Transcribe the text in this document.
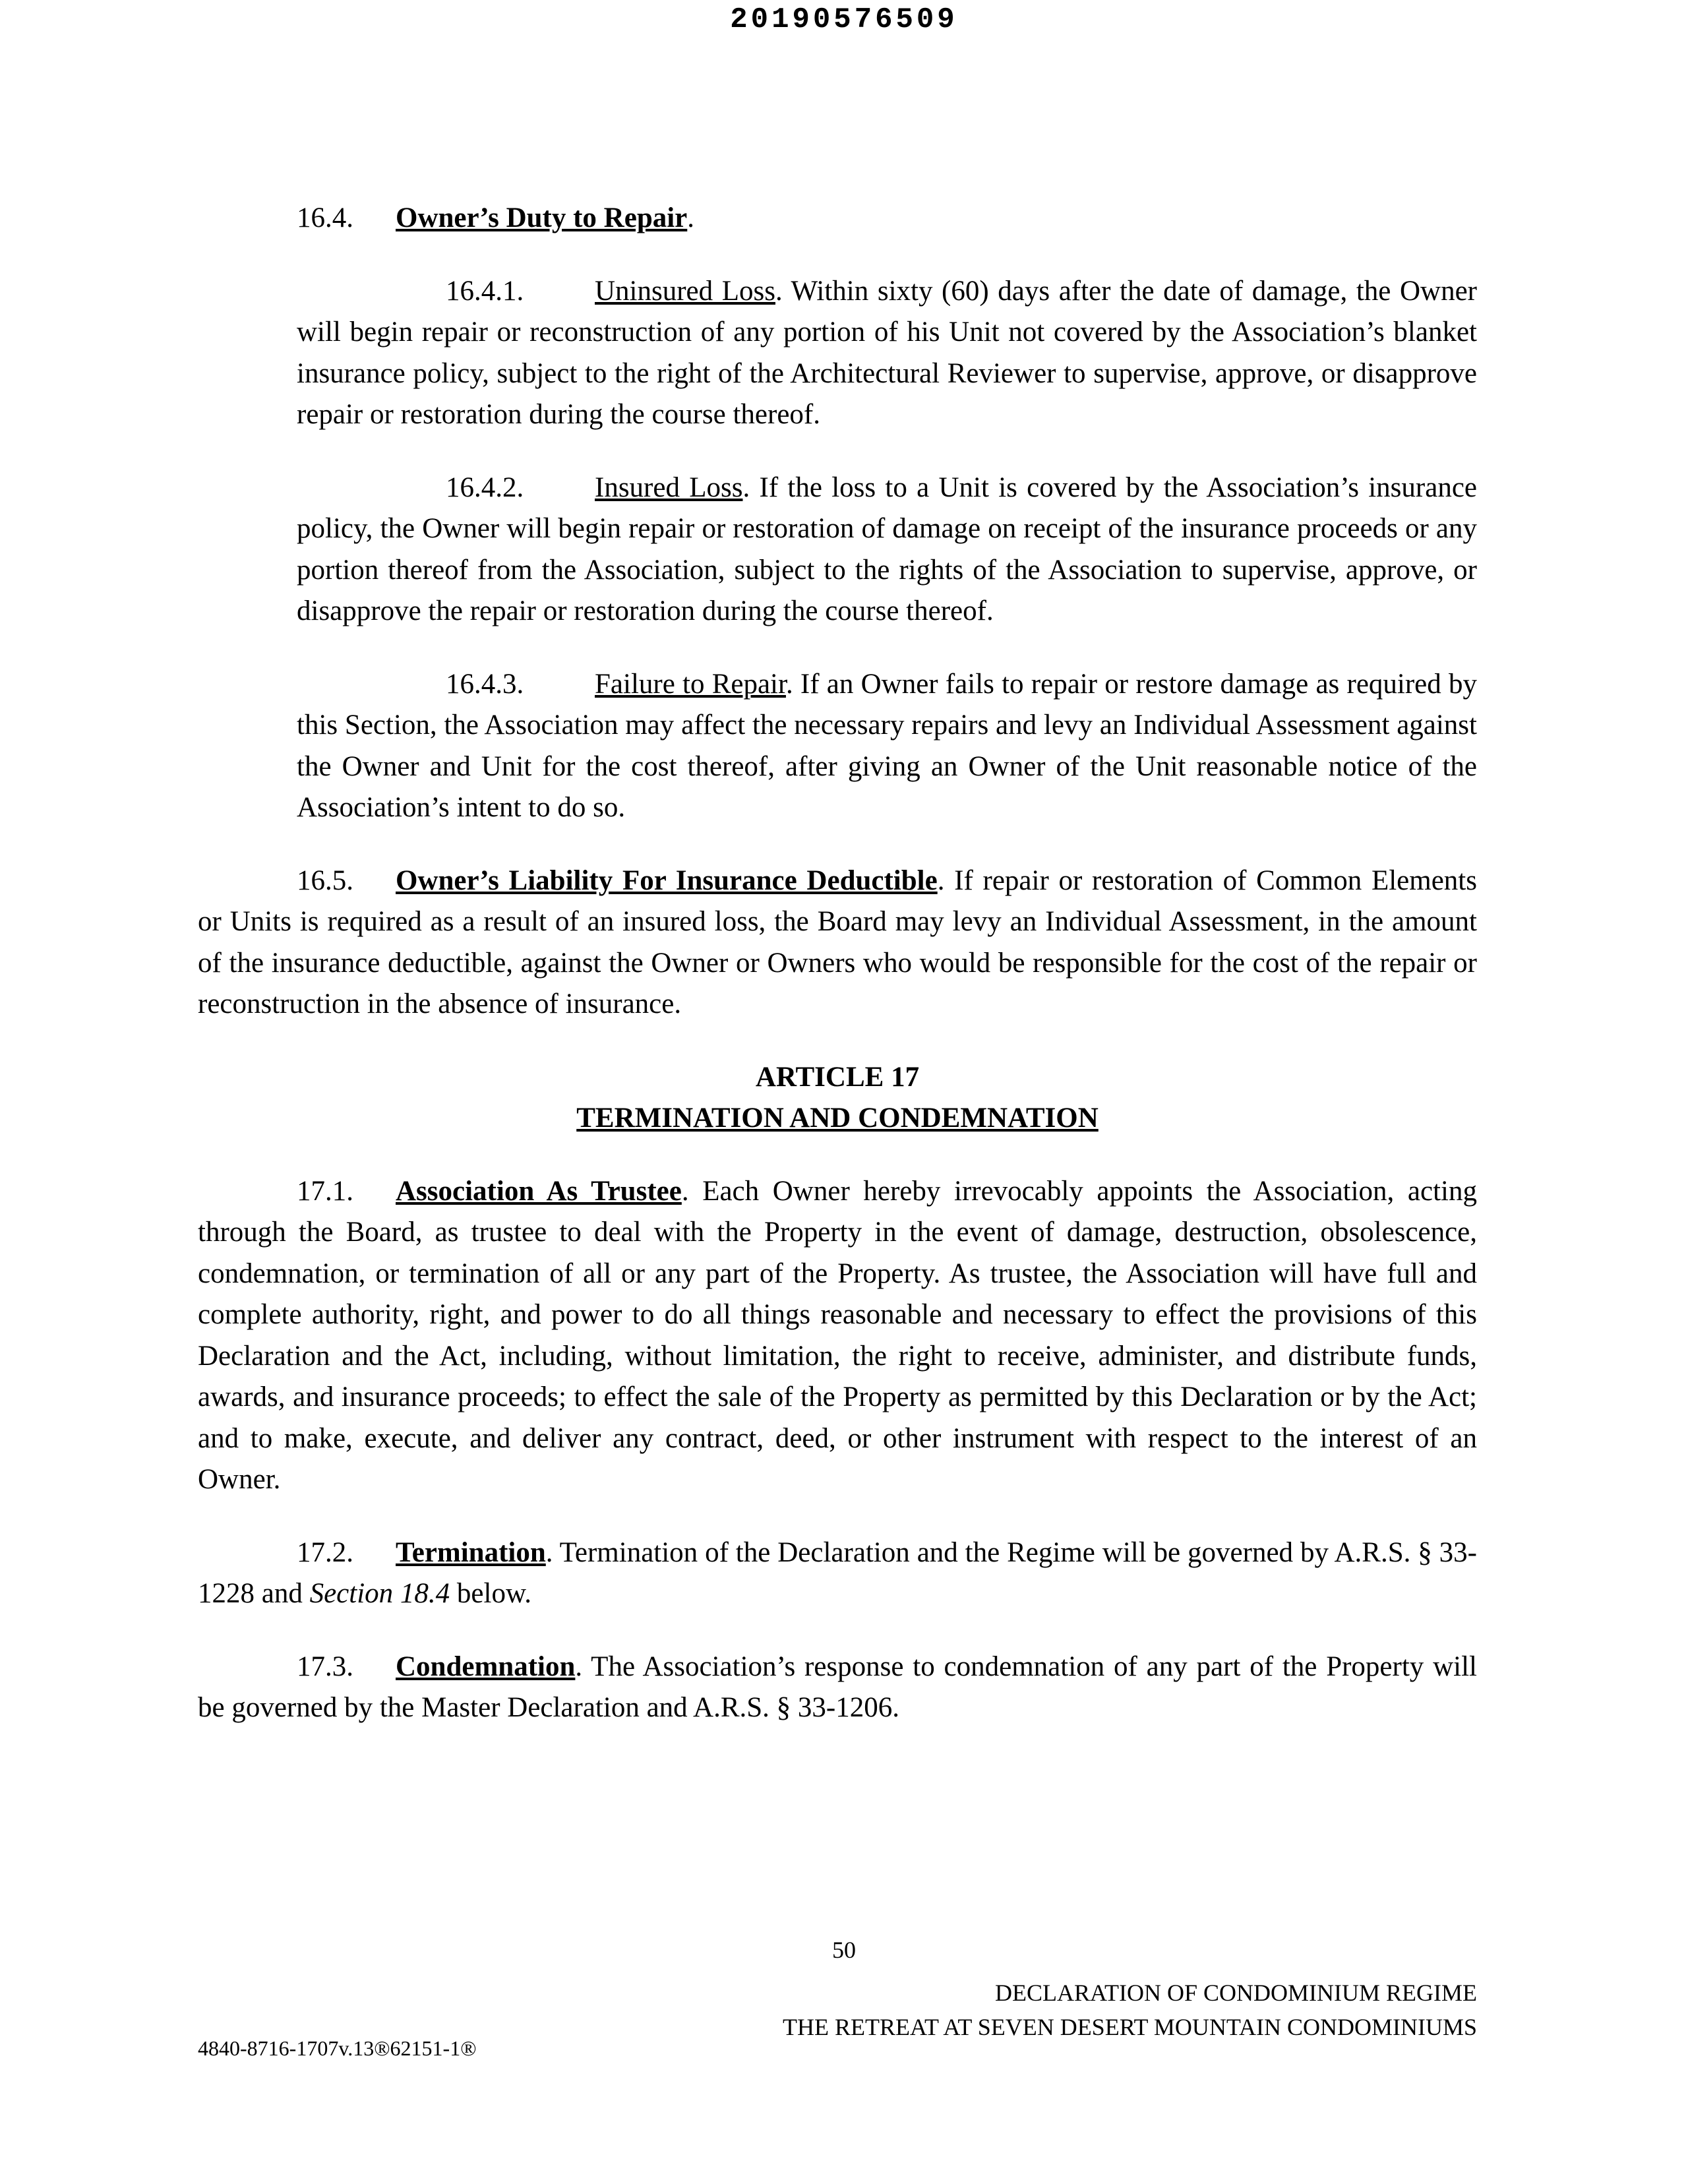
20190576509

16.4. Owner’s Duty to Repair.

16.4.1.	Uninsured Loss. Within sixty (60) days after the date of damage, the Owner will begin repair or reconstruction of any portion of his Unit not covered by the Association’s blanket insurance policy, subject to the right of the Architectural Reviewer to supervise, approve, or disapprove repair or restoration during the course thereof.

16.4.2.	Insured Loss. If the loss to a Unit is covered by the Association’s insurance policy, the Owner will begin repair or restoration of damage on receipt of the insurance proceeds or any portion thereof from the Association, subject to the rights of the Association to supervise, approve, or disapprove the repair or restoration during the course thereof.

16.4.3.	Failure to Repair. If an Owner fails to repair or restore damage as required by this Section, the Association may affect the necessary repairs and levy an Individual Assessment against the Owner and Unit for the cost thereof, after giving an Owner of the Unit reasonable notice of the Association’s intent to do so.

16.5. Owner’s Liability For Insurance Deductible. If repair or restoration of Common Elements or Units is required as a result of an insured loss, the Board may levy an Individual Assessment, in the amount of the insurance deductible, against the Owner or Owners who would be responsible for the cost of the repair or reconstruction in the absence of insurance.

ARTICLE 17
TERMINATION AND CONDEMNATION

17.1. Association As Trustee. Each Owner hereby irrevocably appoints the Association, acting through the Board, as trustee to deal with the Property in the event of damage, destruction, obsolescence, condemnation, or termination of all or any part of the Property. As trustee, the Association will have full and complete authority, right, and power to do all things reasonable and necessary to effect the provisions of this Declaration and the Act, including, without limitation, the right to receive, administer, and distribute funds, awards, and insurance proceeds; to effect the sale of the Property as permitted by this Declaration or by the Act; and to make, execute, and deliver any contract, deed, or other instrument with respect to the interest of an Owner.

17.2. Termination. Termination of the Declaration and the Regime will be governed by A.R.S. § 33-1228 and Section 18.4 below.

17.3. Condemnation. The Association’s response to condemnation of any part of the Property will be governed by the Master Declaration and A.R.S. § 33-1206.

50
DECLARATION OF CONDOMINIUM REGIME
THE RETREAT AT SEVEN DESERT MOUNTAIN CONDOMINIUMS
4840-8716-1707v.13®62151-1®
